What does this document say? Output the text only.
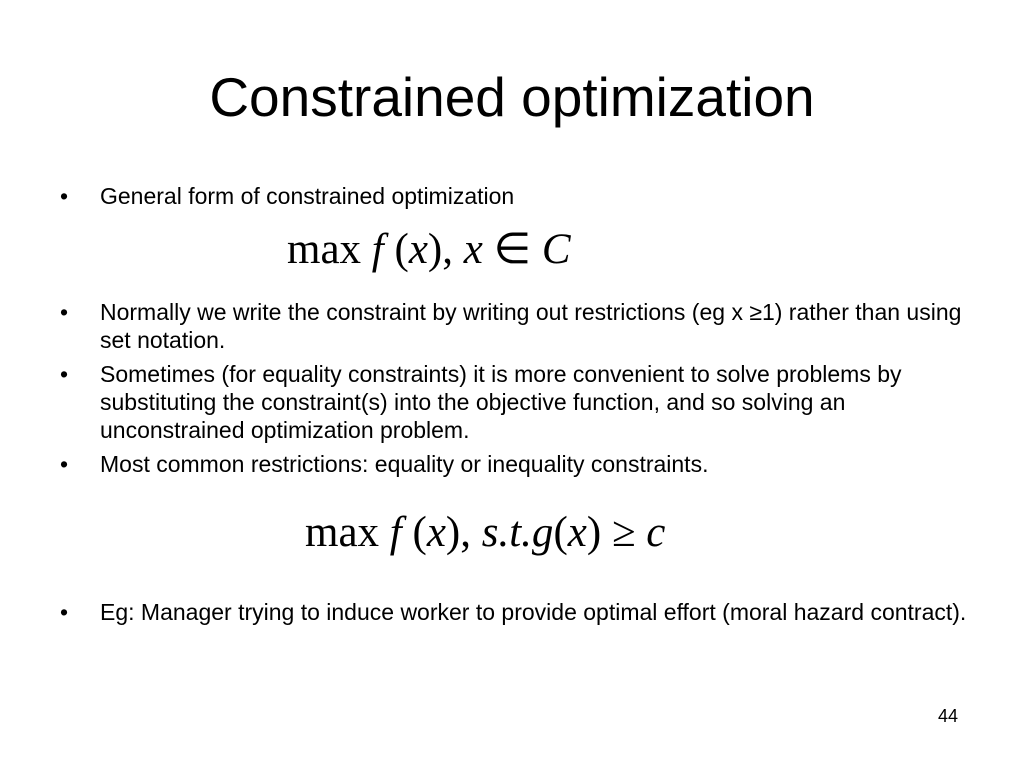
Constrained optimization
•	General form of constrained optimization
max f (x), x ∈ C
•	Normally we write the constraint by writing out restrictions (eg x ≥1) rather than using set notation.
•	Sometimes (for equality constraints) it is more convenient to solve problems by substituting the constraint(s) into the objective function, and so solving an unconstrained optimization problem.
•	Most common restrictions: equality or inequality constraints.
max f (x), s.t.g(x) ≥ c
•	Eg: Manager trying to induce worker to provide optimal effort (moral hazard contract).
44
